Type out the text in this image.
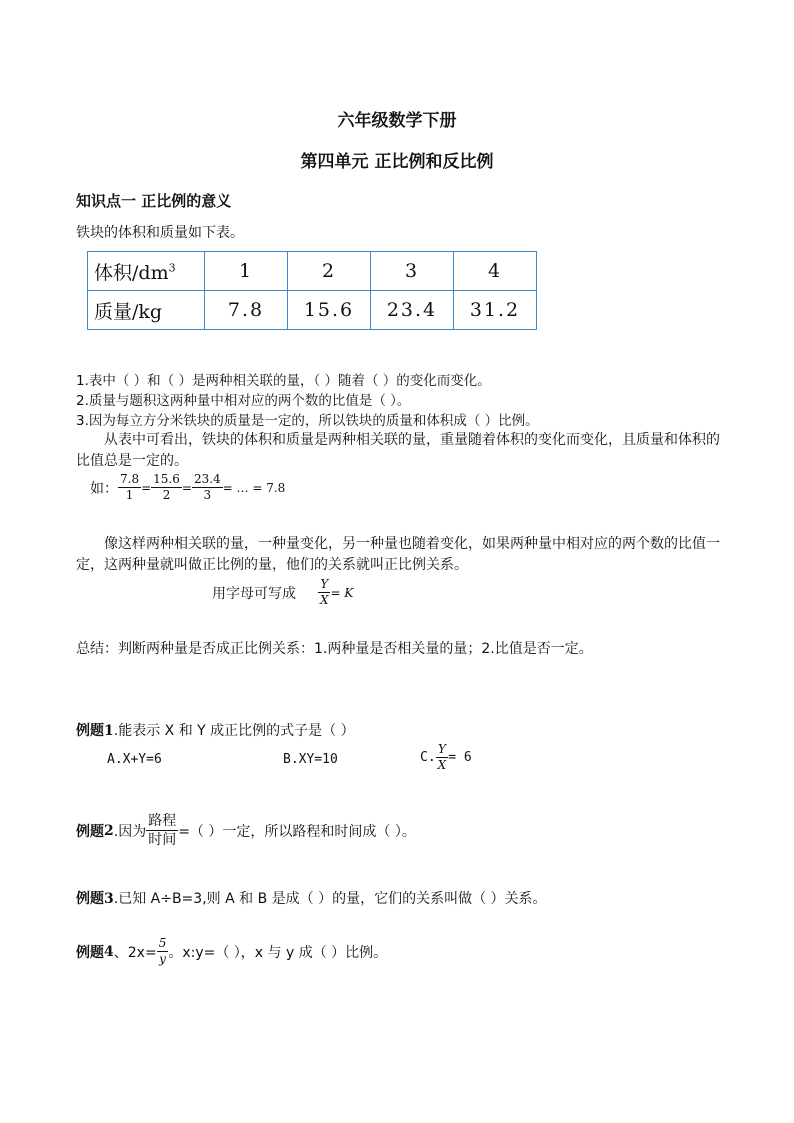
六年级数学下册
第四单元 正比例和反比例
知识点一 正比例的意义
铁块的体积和质量如下表。
体积$/dm^3$	1	2	3	4
质量/kg	7.8	15.6	23.4	31.2
1.表中（ ）和（ ）是两种相关联的量，（ ）随着（ ）的变化而变化。
2.质量与题积这两种量中相对应的两个数的比值是（ ）。
3.因为每立方分米铁块的质量是一定的，所以铁块的质量和体积成（ ）比例。
从表中可看出，铁块的体积和质量是两种相关联的量，重量随着体积的变化而变化，且质量和体积的比值总是一定的。
如： $\frac{7.8}{1} = \frac{15.6}{2} = \frac{23.4}{3}$ = … = 7.8
像这样两种相关联的量，一种量变化，另一种量也随着变化，如果两种量中相对应的两个数的比值一定，这两种量就叫做正比例的量，他们的关系就叫正比例关系。
用字母可写成 $\frac{Y}{X} = K$
总结：判断两种量是否成正比例关系：1.两种量是否相关量的量；2.比值是否一定。
例题1.能表示 X 和 Y 成正比例的式子是（ ）
A.X+Y=6	B.XY=10	C. $\frac{Y}{X} = 6$
例题 2 .因为 $\frac{\text{路程}}{\text{时间}}$ =（ ）一定，所以路程和时间成（ ）。
例题3.已知 A÷B=3,则 A 和 B 是成（ ）的量，它们的关系叫做（ ）关系。
例题 4 、$2x= \frac{5}{y}$ 。x:y=（ ），x 与 y 成（ ）比例。
